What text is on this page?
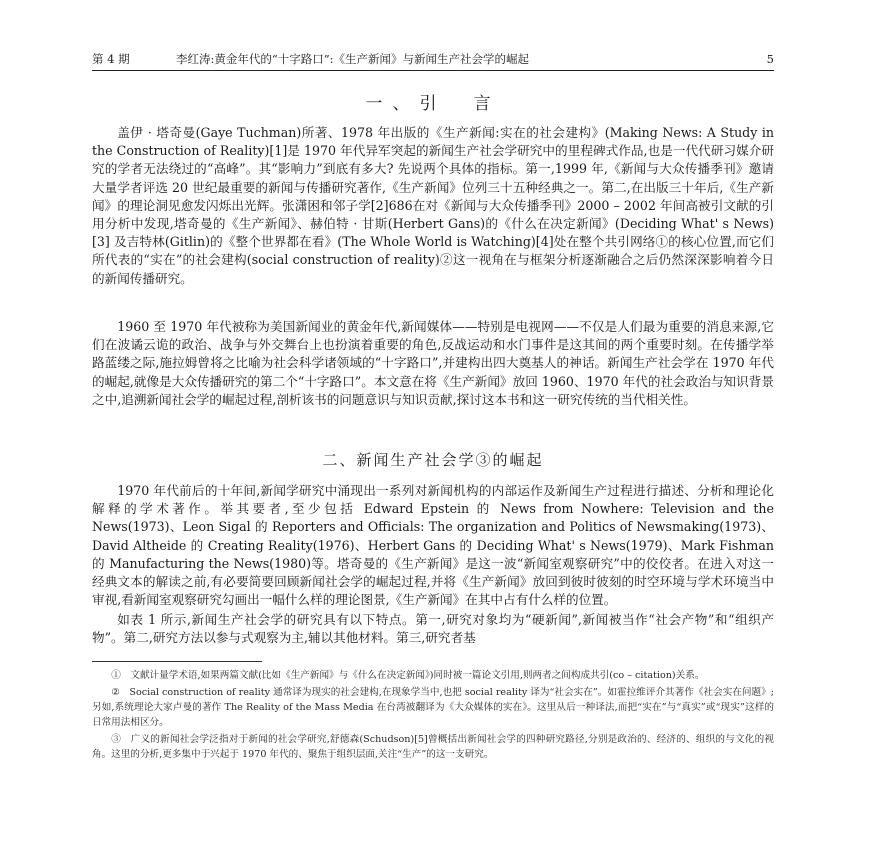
第 4 期	李红涛:黄金年代的“十字路口”:《生产新闻》与新闻生产社会学的崛起	5
一、引　言

盖伊 · 塔奇曼(Gaye Tuchman)所著、1978 年出版的《生产新闻:实在的社会建构》(Making News: A Study in the Construction of Reality)[1]是 1970 年代异军突起的新闻生产社会学研究中的里程碑式作品,也是一代代研习媒介研究的学者无法绕过的“高峰”。其“影响力”到底有多大? 先说两个具体的指标。第一,1999 年,《新闻与大众传播季刊》邀请大量学者评选 20 世纪最重要的新闻与传播研究著作,《生产新闻》位列三十五种经典之一。第二,在出版三十年后,《生产新闻》的理论洞见愈发闪烁出光辉。张潇困和邻子学[2]686在对《新闻与大众传播季刊》2000 – 2002 年间高被引文献的引用分析中发现,塔奇曼的《生产新闻》、赫伯特 · 甘斯(Herbert Gans)的《什么在决定新闻》(Deciding What' s News)[3] 及吉特林(Gitlin)的《整个世界都在看》(The Whole World is Watching)[4]处在整个共引网络①的核心位置,而它们所代表的“实在”的社会建构(social construction of reality)②这一视角在与框架分析逐渐融合之后仍然深深影响着今日的新闻传播研究。

1960 至 1970 年代被称为美国新闻业的黄金年代,新闻媒体——特别是电视网——不仅是人们最为重要的消息来源,它们在波谲云诡的政治、战争与外交舞台上也扮演着重要的角色,反战运动和水门事件是这其间的两个重要时刻。在传播学举路蓝缕之际,施拉姆曾将之比喻为社会科学诸领域的“十字路口”,并建构出四大奠基人的神话。新闻生产社会学在 1970 年代的崛起,就像是大众传播研究的第二个“十字路口”。本文意在将《生产新闻》放回 1960、1970 年代的社会政治与知识背景之中,追溯新闻社会学的崛起过程,剖析该书的问题意识与知识贡献,探讨这本书和这一研究传统的当代相关性。

二、新闻生产社会学③的崛起

1970 年代前后的十年间,新闻学研究中涌现出一系列对新闻机构的内部运作及新闻生产过程进行描述、分析和理论化解释的学术著作。举其要者,至少包括 Edward Epstein 的 News from Nowhere: Television and the News(1973)、Leon Sigal 的 Reporters and Officials: The organization and Politics of Newsmaking(1973)、David Altheide 的 Creating Reality(1976)、Herbert Gans 的 Deciding What' s News(1979)、Mark Fishman 的 Manufacturing the News(1980)等。塔奇曼的《生产新闻》是这一波“新闻室观察研究”中的佼佼者。在进入对这一经典文本的解读之前,有必要简要回顾新闻社会学的崛起过程,并将《生产新闻》放回到彼时彼刻的时空环境与学术环境当中审视,看新闻室观察研究勾画出一幅什么样的理论图景,《生产新闻》在其中占有什么样的位置。

如表 1 所示,新闻生产社会学的研究具有以下特点。第一,研究对象均为“硬新闻”,新闻被当作“社会产物”和“组织产物”。第二,研究方法以参与式观察为主,辅以其他材料。第三,研究者基

①　文献计量学术语,如果两篇文献(比如《生产新闻》与《什么在决定新闻》)同时被一篇论文引用,则两者之间构成共引(co – citation)关系。

②　Social construction of reality 通常译为现实的社会建构,在现象学当中,也把 social reality 译为“社会实在”。如霍拉维评介其著作《社会实在问题》;另如,系统理论大家卢曼的著作 The Reality of the Mass Media 在台湾被翻译为《大众媒体的实在》。这里从后一种译法,而把“实在”与“真实”或“现实”这样的日常用法相区分。

③　广义的新闻社会学泛指对于新闻的社会学研究,舒德森(Schudson)[5]曾概括出新闻社会学的四种研究路径,分别是政治的、经济的、组织的与文化的视角。这里的分析,更多集中于兴起于 1970 年代的、聚焦于组织层面,关注“生产”的这一支研究。
